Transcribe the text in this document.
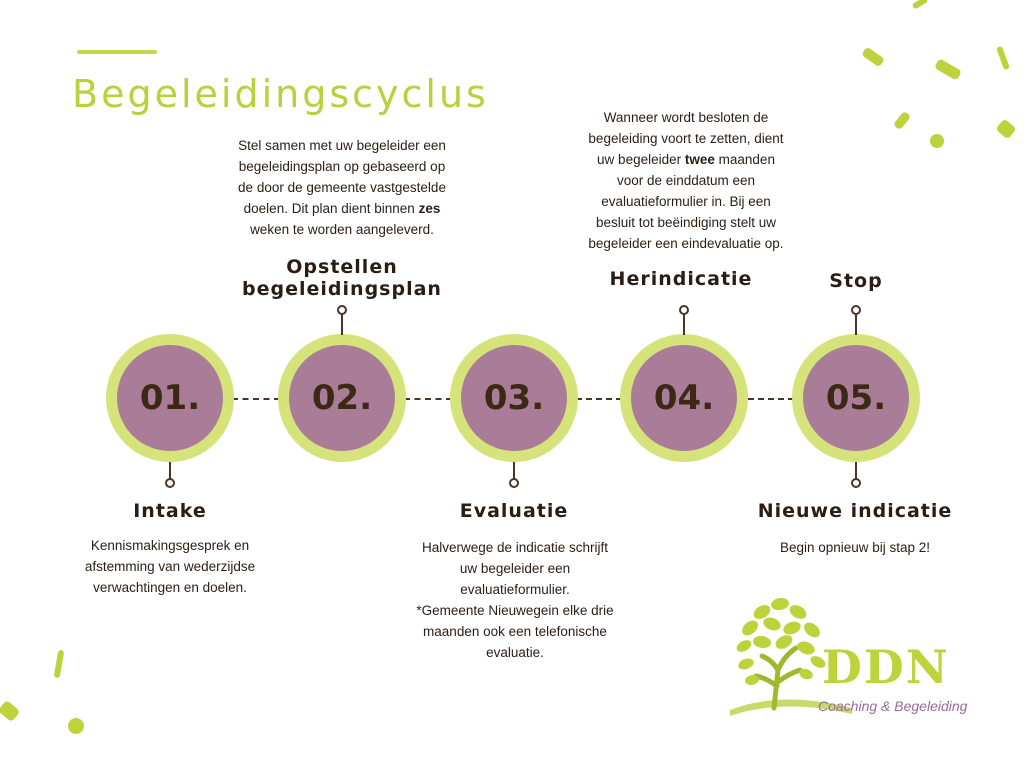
Begeleidingscyclus
01.	02.	03.	04.	05.
Opstellen
begeleidingsplan	Herindicatie	Stop
Intake	Evaluatie	Nieuwe indicatie
Stel samen met uw begeleider een
begeleidingsplan op gebaseerd op
de door de gemeente vastgestelde
doelen. Dit plan dient binnen zes
weken te worden aangeleverd.
Wanneer wordt besloten de
begeleiding voort te zetten, dient
uw begeleider twee maanden
voor de einddatum een
evaluatieformulier in. Bij een
besluit tot beëindiging stelt uw
begeleider een eindevaluatie op.
Kennismakingsgesprek en
afstemming van wederzijdse
verwachtingen en doelen.
Halverwege de indicatie schrijft
uw begeleider een
evaluatieformulier.
*Gemeente Nieuwegein elke drie
maanden ook een telefonische
evaluatie.
Begin opnieuw bij stap 2!
DDN
Coaching & Begeleiding
